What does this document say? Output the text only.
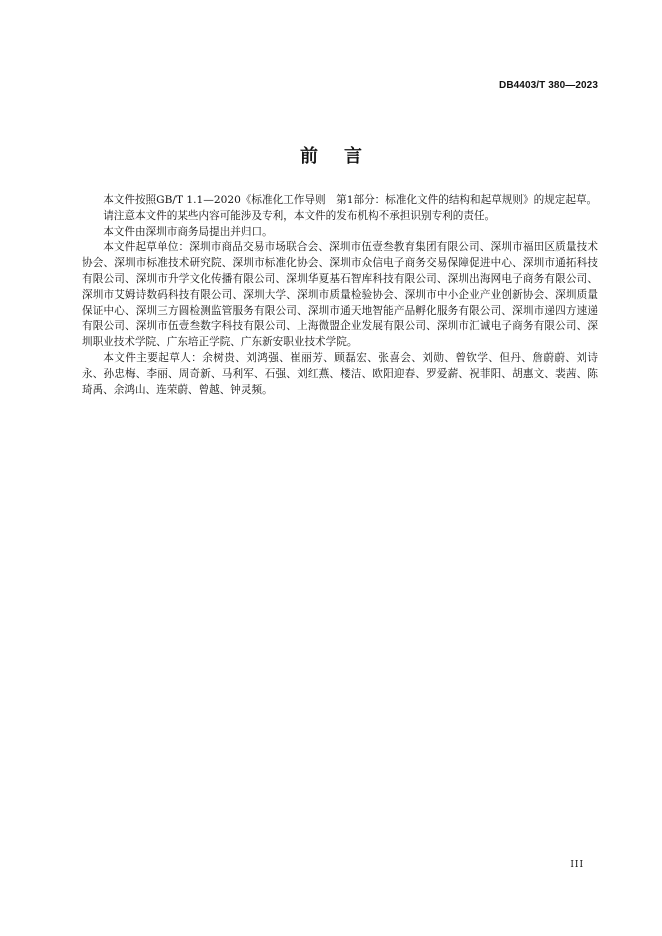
DB4403/T 380—2023
前 言

本文件按照GB/T 1.1—2020《标准化工作导则　第1部分：标准化文件的结构和起草规则》的规定起草。

请注意本文件的某些内容可能涉及专利，本文件的发布机构不承担识别专利的责任。

本文件由深圳市商务局提出并归口。

本文件起草单位：深圳市商品交易市场联合会、深圳市伍壹叁教育集团有限公司、深圳市福田区质量技术协会、深圳市标准技术研究院、深圳市标准化协会、深圳市众信电子商务交易保障促进中心、深圳市通拓科技有限公司、深圳市升学文化传播有限公司、深圳华夏基石智库科技有限公司、深圳出海网电子商务有限公司、深圳市艾姆诗数码科技有限公司、深圳大学、深圳市质量检验协会、深圳市中小企业产业创新协会、深圳质量保证中心、深圳三方圆检测监管服务有限公司、深圳市通天地智能产品孵化服务有限公司、深圳市递四方速递有限公司、深圳市伍壹叁数字科技有限公司、上海微盟企业发展有限公司、深圳市汇诚电子商务有限公司、深圳职业技术学院、广东培正学院、广东新安职业技术学院。

本文件主要起草人：余树贵、刘鸿强、崔丽芳、顾磊宏、张喜会、刘勋、曾钦学、但丹、詹蔚蔚、刘诗永、孙忠梅、李丽、周奇新、马利军、石强、刘红燕、楼洁、欧阳迎春、罗爱薪、祝菲阳、胡惠文、裴茜、陈琦禹、余鸿山、连荣蔚、曾越、钟灵频。

III
